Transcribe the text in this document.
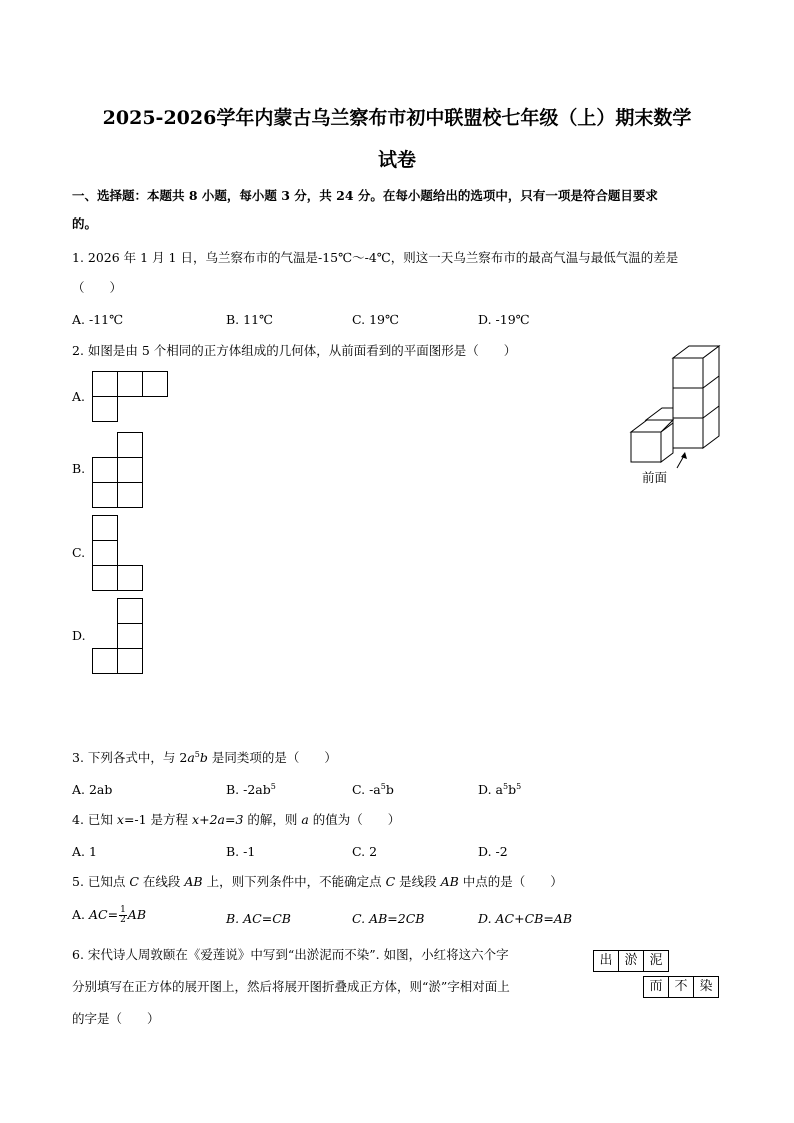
2025-2026学年内蒙古乌兰察布市初中联盟校七年级（上）期末数学
试卷
一、选择题：本题共 8 小题，每小题 3 分，共 24 分。在每小题给出的选项中，只有一项是符合题目要求
的。
1. 2026 年 1 月 1 日，乌兰察布市的气温是-15℃～-4℃，则这一天乌兰察布市的最高气温与最低气温的差是
（　　）
A. -11℃	B. 11℃	C. 19℃	D. -19℃
2. 如图是由 5 个相同的正方体组成的几何体，从前面看到的平面图形是（　　）
A.
B.
C.
D.
前面
3. 下列各式中，与 $2a^5b$ 是同类项的是（　　）
A. 2ab	B. $-2ab^5$	C. $-a^5b$	D. $a^5b^5$
4. 已知 x=-1 是方程 x+2a=3 的解，则 a 的值为（　　）
A. 1	B. -1	C. 2	D. -2
5. 已知点 C 在线段 AB 上，则下列条件中，不能确定点 C 是线段 AB 中点的是（　　）
A. $AC= \frac{1}{2}$ AB	B. AC=CB	C. AB=2CB	D. AC+CB=AB
6. 宋代诗人周敦颐在《爱莲说》中写到“出淤泥而不染”. 如图，小红将这六个字
分别填写在正方体的展开图上，然后将展开图折叠成正方体，则“淤”字相对面上
的字是（　　）
出 淤 泥
而 不 染
